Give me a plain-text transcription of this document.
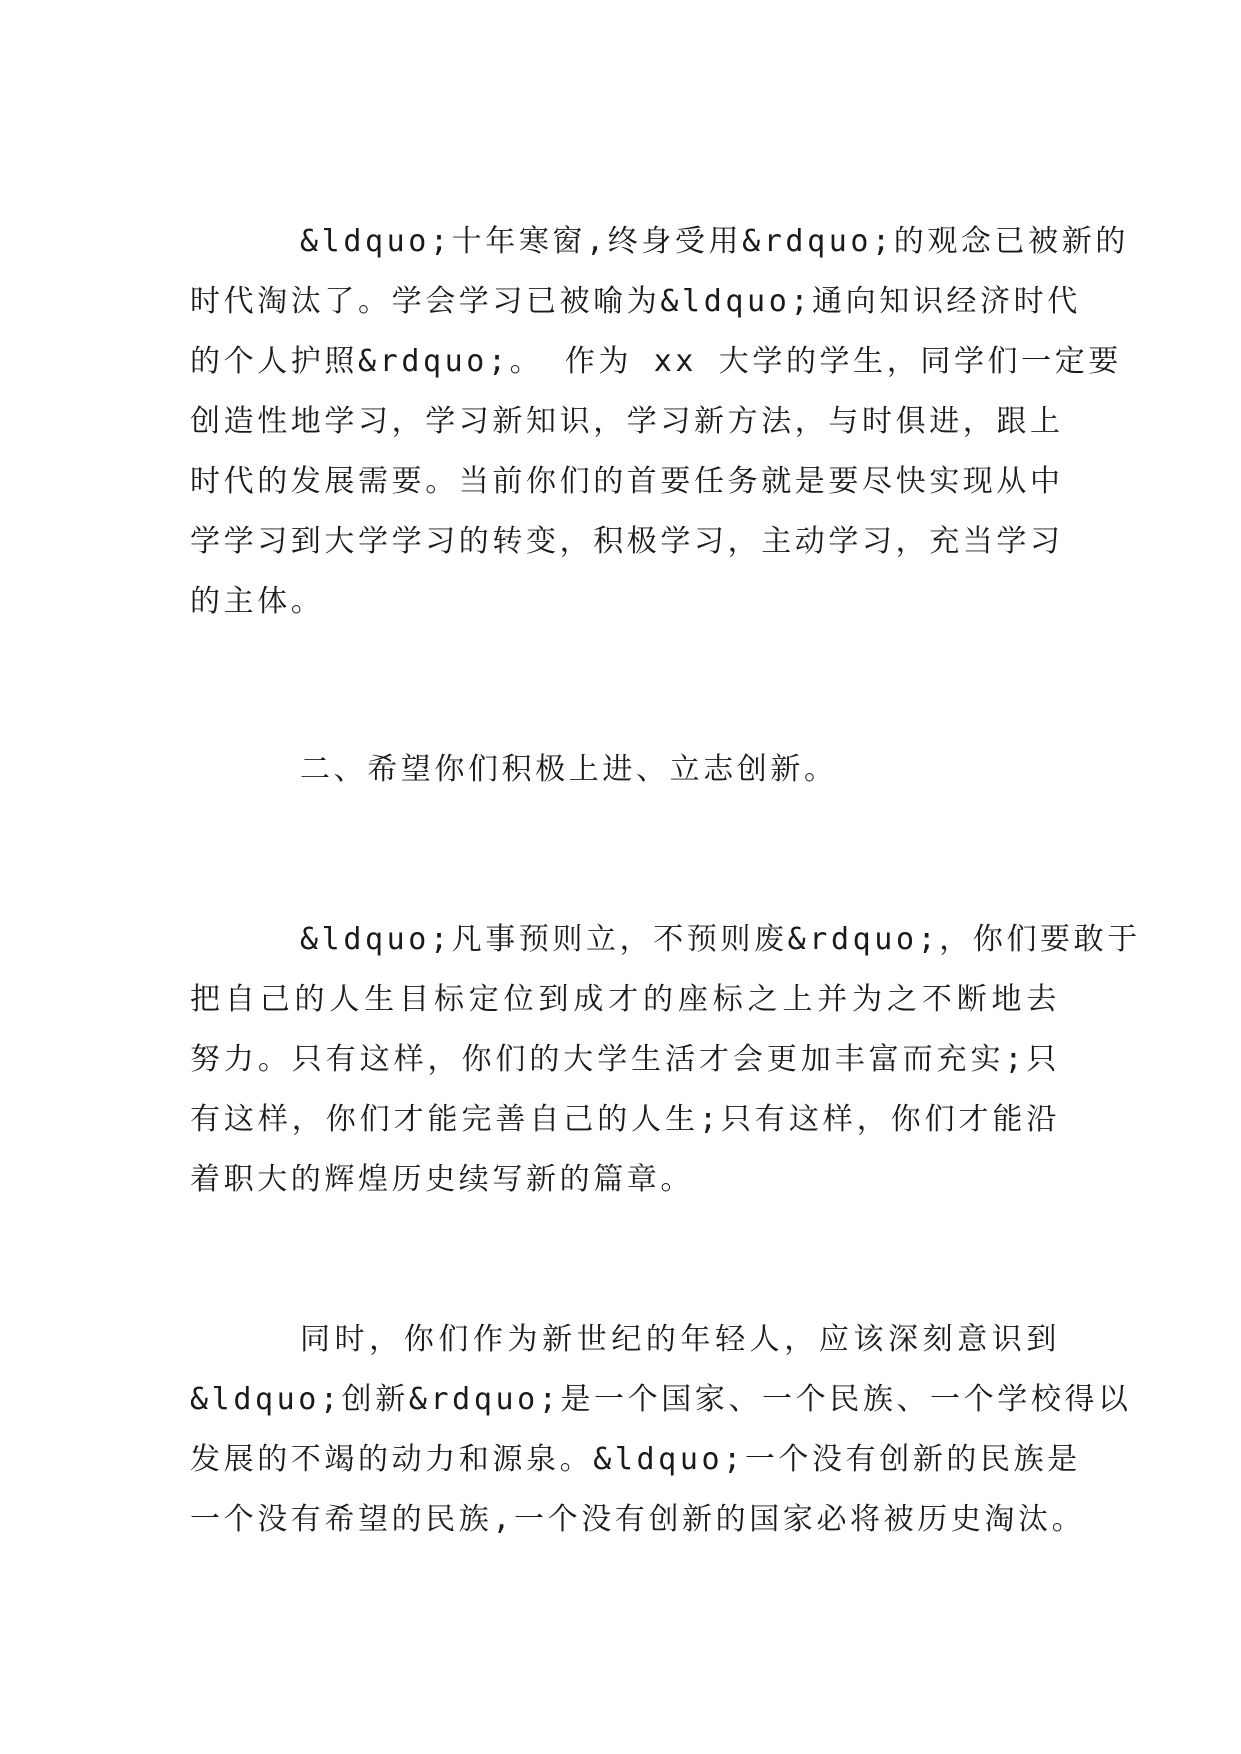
&ldquo;十年寒窗,终身受用&rdquo;的观念已被新的
时代淘汰了。学会学习已被喻为&ldquo;通向知识经济时代
的个人护照&rdquo;。 作为 xx 大学的学生，同学们一定要
创造性地学习，学习新知识，学习新方法，与时俱进，跟上
时代的发展需要。当前你们的首要任务就是要尽快实现从中
学学习到大学学习的转变，积极学习，主动学习，充当学习
的主体。
二、希望你们积极上进、立志创新。
&ldquo;凡事预则立，不预则废&rdquo;，你们要敢于
把自己的人生目标定位到成才的座标之上并为之不断地去
努力。只有这样，你们的大学生活才会更加丰富而充实;只
有这样，你们才能完善自己的人生;只有这样，你们才能沿
着职大的辉煌历史续写新的篇章。
同时，你们作为新世纪的年轻人，应该深刻意识到
&ldquo;创新&rdquo;是一个国家、一个民族、一个学校得以
发展的不竭的动力和源泉。&ldquo;一个没有创新的民族是
一个没有希望的民族,一个没有创新的国家必将被历史淘汰。
